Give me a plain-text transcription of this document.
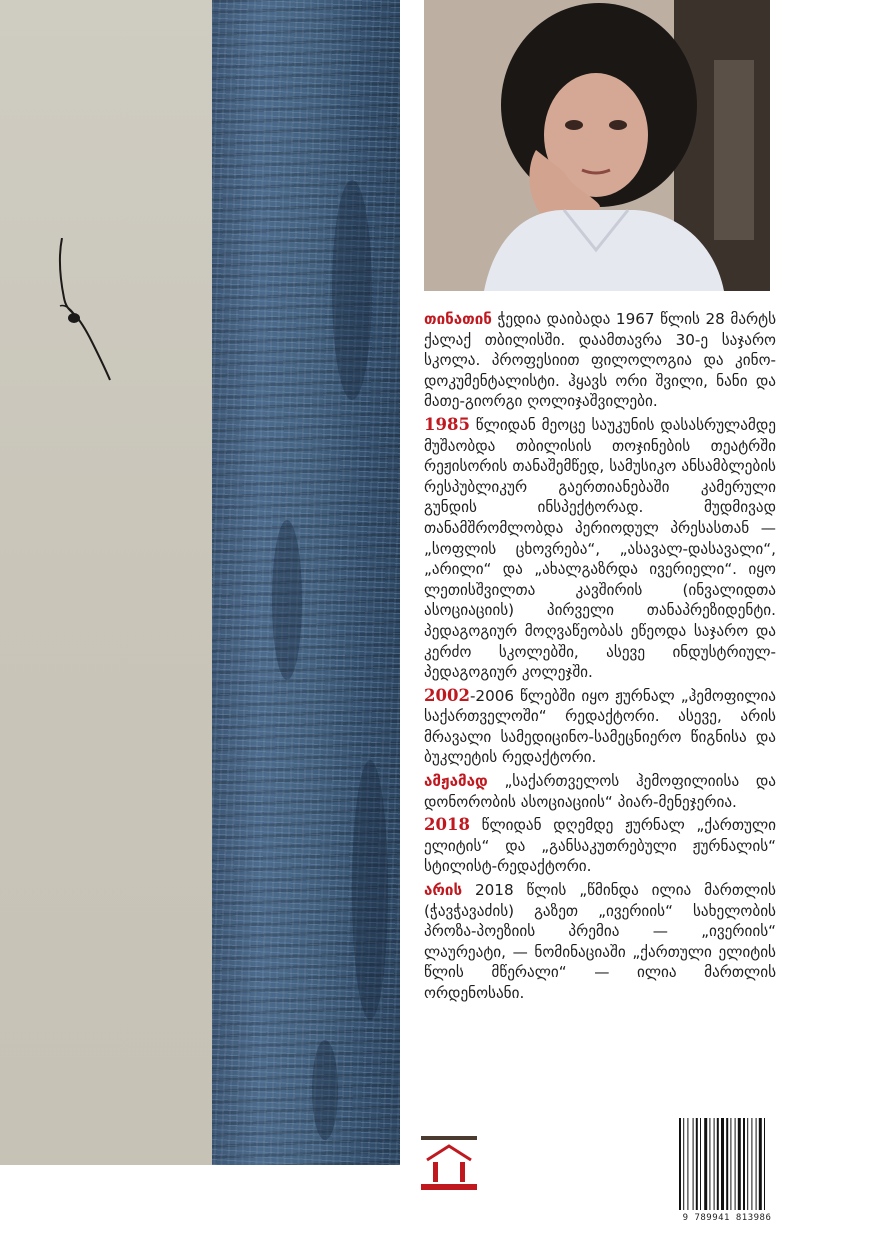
თინათინ ჭედია დაიბადა 1967 წლის 28 მარტს ქალაქ თბილისში. დაამთავრა 30-ე საჯარო სკოლა. პროფესიით ფილოლოგია და კინო-დოკუმენტალისტი. ჰყავს ორი შვილი, ნანი და მათე-გიორგი ღოლიჯაშვილები.

1985 წლიდან მეოცე საუკუნის დასასრულამდე მუშაობდა თბილისის თოჯინების თეატრში რეჟისორის თანაშემწედ, სამუსიკო ანსამბლების რესპუბლიკურ გაერთიანებაში კამერული გუნდის ინსპექტორად. მუდმივად თანამშრომლობდა პერიოდულ პრესასთან — „სოფლის ცხოვრება“, „ასავალ-დასავალი“, „არილი“ და „ახალგაზრდა ივერიელი“. იყო ლეთისშვილთა კავშირის (ინვალიდთა ასოციაციის) პირველი თანაპრეზიდენტი. პედაგოგიურ მოღვაწეობას ეწეოდა საჯარო და კერძო სკოლებში, ასევე ინდუსტრიულ-პედაგოგიურ კოლეჯში.

2002-2006 წლებში იყო ჟურნალ „ჰემოფილია საქართველოში“ რედაქტორი. ასევე, არის მრავალი სამედიცინო-სამეცნიერო წიგნისა და ბუკლეტის რედაქტორი.

ამჟამად „საქართველოს ჰემოფილიისა და დონორობის ასოციაციის“ პიარ-მენეჯერია.

2018 წლიდან დღემდე ჟურნალ „ქართული ელიტის“ და „განსაკუთრებული ჟურნალის“ სტილისტ-რედაქტორი.

არის 2018 წლის „წმინდა ილია მართლის (ჭავჭავაძის) გაზეთ „ივერიის“ სახელობის პროზა-პოეზიის პრემია — „ივერიის“ ლაურეატი, — ნომინაციაში „ქართული ელიტის წლის მწერალი“ — ილია მართლის ორდენოსანი.

9 789941 813986
